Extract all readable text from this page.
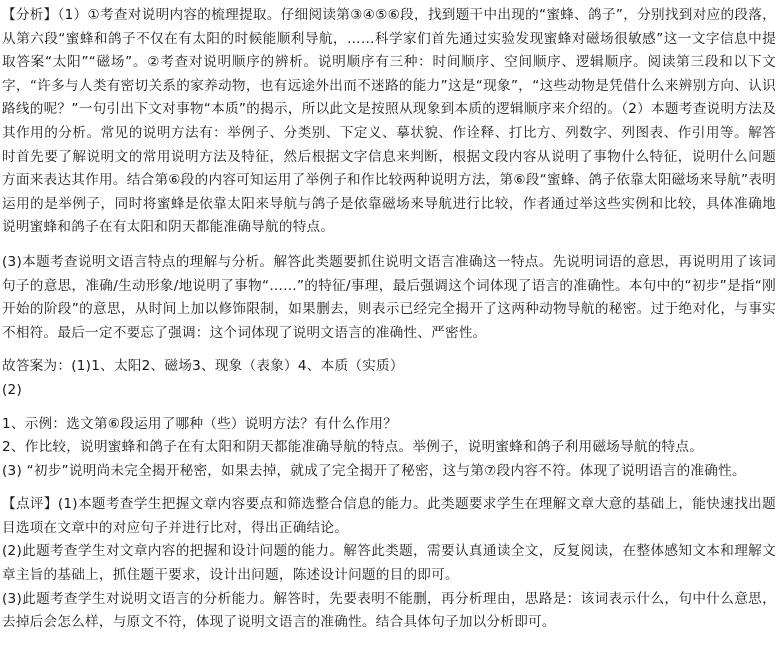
【分析】（1）①考查对说明内容的梳理提取。仔细阅读第③④⑤⑥段，找到题干中出现的“蜜蜂、鸽子”，分别找到对应的段落，从第六段“蜜蜂和鸽子不仅在有太阳的时候能顺利导航，……科学家们首先通过实验发现蜜蜂对磁场很敏感”这一文字信息中提取答案“太阳”“磁场”。②考查对说明顺序的辨析。说明顺序有三种：时间顺序、空间顺序、逻辑顺序。阅读第三段和以下文字，“许多与人类有密切关系的家养动物，也有远途外出而不迷路的能力”这是“现象”，“这些动物是凭借什么来辨别方向、认识路线的呢？”一句引出下文对事物“本质”的揭示，所以此文是按照从现象到本质的逻辑顺序来介绍的。（2）本题考查说明方法及其作用的分析。常见的说明方法有：举例子、分类别、下定义、摹状貌、作诠释、打比方、列数字、列图表、作引用等。解答时首先要了解说明文的常用说明方法及特征，然后根据文字信息来判断，根据文段内容从说明了事物什么特征，说明什么问题方面来表达其作用。结合第⑥段的内容可知运用了举例子和作比较两种说明方法，第⑥段“蜜蜂、鸽子依靠太阳磁场来导航”表明运用的是举例子，同时将蜜蜂是依靠太阳来导航与鸽子是依靠磁场来导航进行比较，作者通过举这些实例和比较，具体准确地说明蜜蜂和鸽子在有太阳和阴天都能准确导航的特点。

(3)本题考查说明文语言特点的理解与分析。解答此类题要抓住说明文语言准确这一特点。先说明词语的意思，再说明用了该词句子的意思，准确/生动形象/地说明了事物“……”的特征/事理，最后强调这个词体现了语言的准确性。本句中的“初步”是指“刚开始的阶段”的意思，从时间上加以修饰限制，如果删去，则表示已经完全揭开了这两种动物导航的秘密。过于绝对化，与事实不相符。最后一定不要忘了强调：这个词体现了说明文语言的准确性、严密性。

故答案为：(1)1、太阳2、磁场3、现象（表象）4、本质（实质）

(2)

1、示例：选文第⑥段运用了哪种（些）说明方法？有什么作用？

2、作比较，说明蜜蜂和鸽子在有太阳和阴天都能准确导航的特点。举例子，说明蜜蜂和鸽子利用磁场导航的特点。

(3) “初步”说明尚未完全揭开秘密，如果去掉，就成了完全揭开了秘密，这与第⑦段内容不符。体现了说明语言的准确性。

【点评】(1)本题考查学生把握文章内容要点和筛选整合信息的能力。此类题要求学生在理解文章大意的基础上，能快速找出题目选项在文章中的对应句子并进行比对，得出正确结论。

(2)此题考查学生对文章内容的把握和设计问题的能力。解答此类题，需要认真通读全文，反复阅读，在整体感知文本和理解文章主旨的基础上，抓住题干要求，设计出问题，陈述设计问题的目的即可。

(3)此题考查学生对说明文语言的分析能力。解答时，先要表明不能删，再分析理由，思路是：该词表示什么，句中什么意思，去掉后会怎么样，与原文不符，体现了说明文语言的准确性。结合具体句子加以分析即可。
